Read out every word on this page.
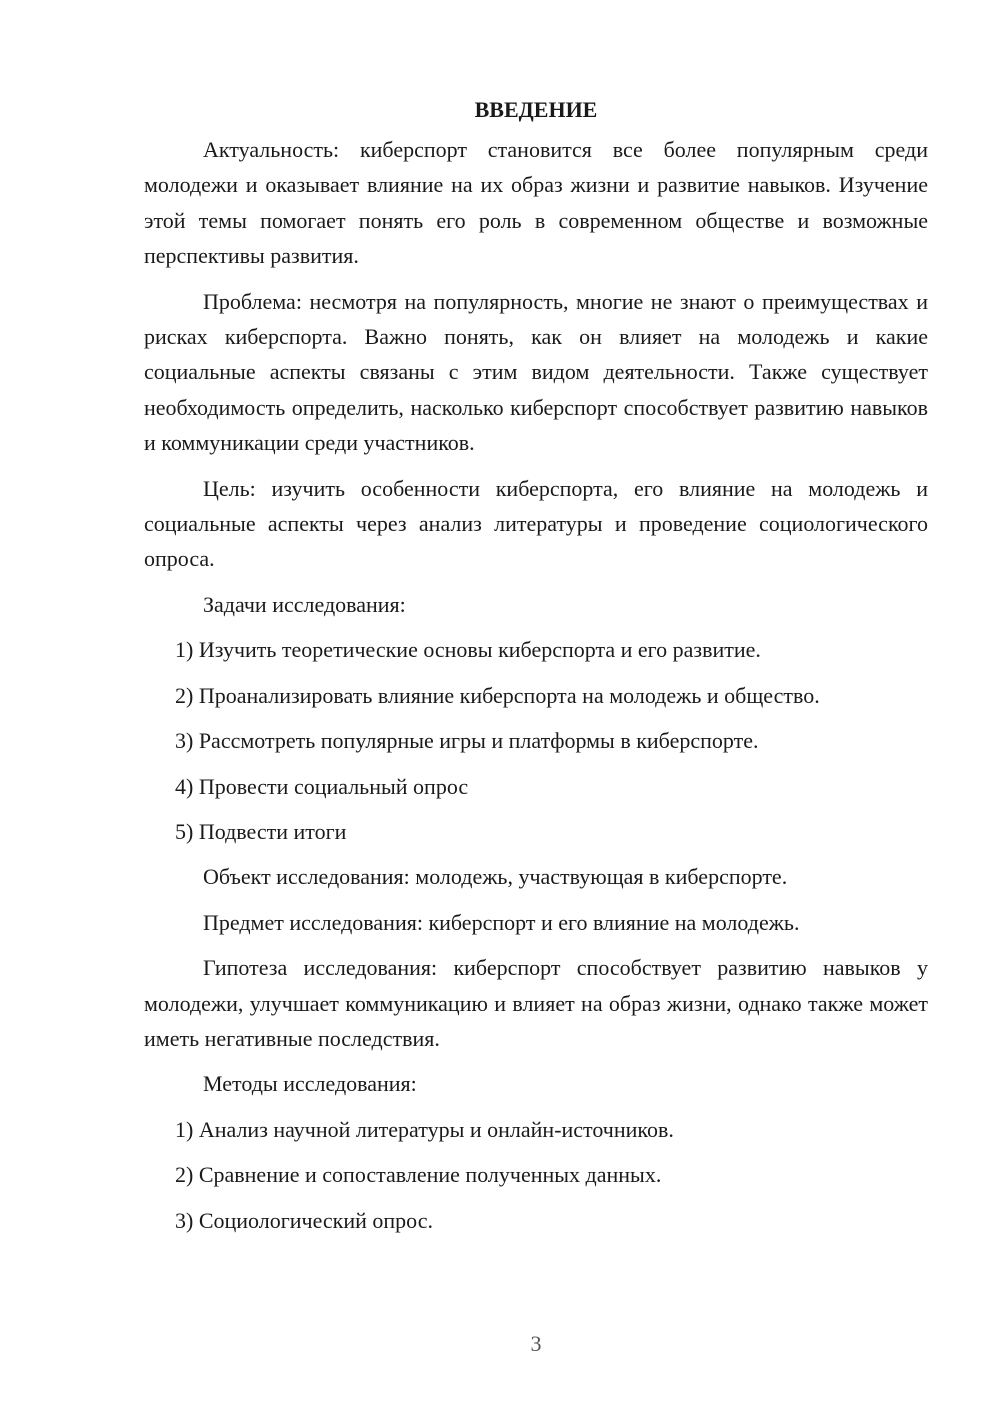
ВВЕДЕНИЕ

Актуальность: киберспорт становится все более популярным среди молодежи и оказывает влияние на их образ жизни и развитие навыков. Изучение этой темы помогает понять его роль в современном обществе и возможные перспективы развития.

Проблема: несмотря на популярность, многие не знают о преимуществах и рисках киберспорта. Важно понять, как он влияет на молодежь и какие социальные аспекты связаны с этим видом деятельности. Также существует необходимость определить, насколько киберспорт способствует развитию навыков и коммуникации среди участников.

Цель: изучить особенности киберспорта, его влияние на молодежь и социальные аспекты через анализ литературы и проведение социологического опроса.

Задачи исследования:

1) Изучить теоретические основы киберспорта и его развитие.

2) Проанализировать влияние киберспорта на молодежь и общество.

3) Рассмотреть популярные игры и платформы в киберспорте.

4) Провести социальный опрос

5) Подвести итоги

Объект исследования: молодежь, участвующая в киберспорте.

Предмет исследования: киберспорт и его влияние на молодежь.

Гипотеза исследования: киберспорт способствует развитию навыков у молодежи, улучшает коммуникацию и влияет на образ жизни, однако также может иметь негативные последствия.

Методы исследования:

1) Анализ научной литературы и онлайн-источников.

2) Сравнение и сопоставление полученных данных.

3) Социологический опрос.

3
